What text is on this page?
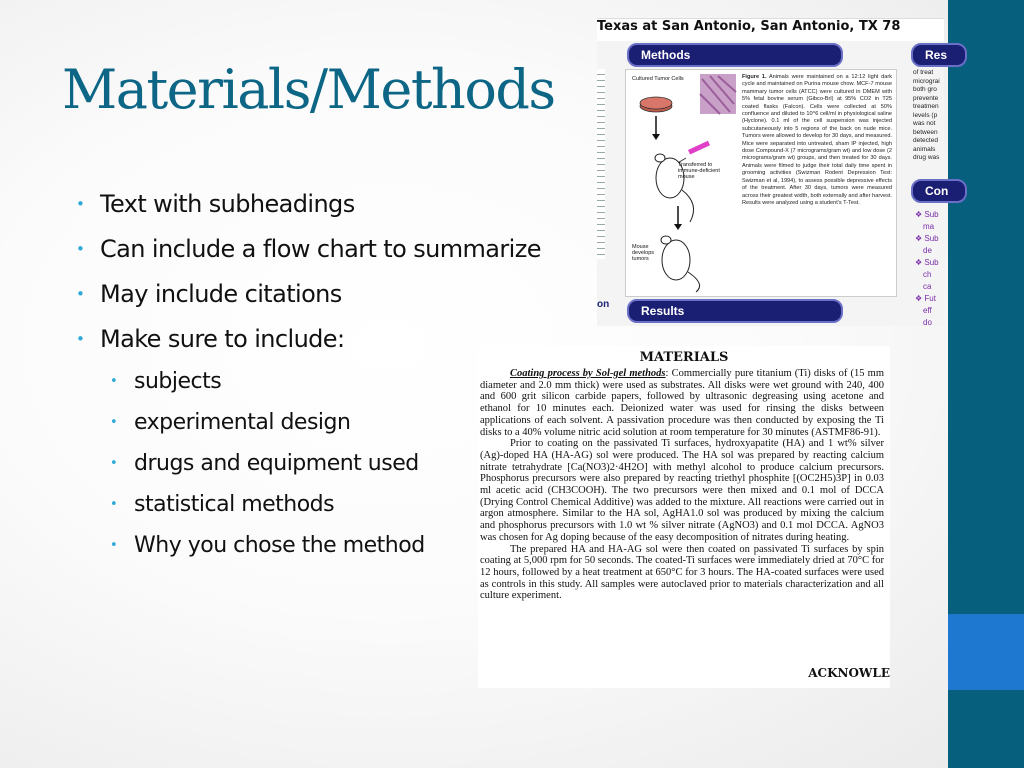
Materials/Methods
• Text with subheadings
• Can include a flow chart to summarize
• May include citations
• Make sure to include:
• subjects
• experimental design
• drugs and equipment used
• statistical methods
• Why you chose the method
Texas at San Antonio, San Antonio, TX 78
Methods	Res
Con
on
Cultured Tumor Cells
Transferred to immune-deficient mouse
Mouse develops tumors
Figure 1. Animals were maintained on a 12:12 light dark cycle and maintained on Purina mouse chow. MCF-7 mouse mammary tumor cells (ATCC) were cultured in DMEM with 5% fetal bovine serum (Gibco-Brl) at 95% CO2 in T25 coated flasks (Falcon). Cells were collected at 50% confluence and diluted to 10^6 cell/ml in physiological saline (Hyclone). 0.1 ml of the cell suspension was injected subcutaneously into 5 regions of the back on nude mice. Tumors were allowed to develop for 30 days, and measured. Mice were separated into untreated, sham IP injected, high dose Compound-X (7 micrograms/gram wt) and low dose (2 micrograms/gram wt) groups, and then treated for 30 days. Animals were filmed to judge their total daily time spent in grooming activities (Swizman Rodent Depression Test: Swizman et al, 1994), to assess possible depressive effects of the treatment. After 30 days, tumors were measured across their greatest width, both externally and after harvest. Results were analyzed using a student's T-Test.
of treat micrograi both gro prevente treatmen levels (p was not between detected animals drug was
❖ Sub
ma
❖ Sub
de
❖ Sub
ch
ca
❖ Fut
eff
do
Results
MATERIALS

Coating process by Sol-gel methods: Commercially pure titanium (Ti) disks of (15 mm diameter and 2.0 mm thick) were used as substrates. All disks were wet ground with 240, 400 and 600 grit silicon carbide papers, followed by ultrasonic degreasing using acetone and ethanol for 10 minutes each. Deionized water was used for rinsing the disks between applications of each solvent. A passivation procedure was then conducted by exposing the Ti disks to a 40% volume nitric acid solution at room temperature for 30 minutes (ASTMF86-91).

Prior to coating on the passivated Ti surfaces, hydroxyapatite (HA) and 1 wt% silver (Ag)-doped HA (HA-AG) sol were produced. The HA sol was prepared by reacting calcium nitrate tetrahydrate [Ca(NO3)2·4H2O] with methyl alcohol to produce calcium precursors. Phosphorus precursors were also prepared by reacting triethyl phosphite [(OC2H5)3P] in 0.03 ml acetic acid (CH3COOH). The two precursors were then mixed and 0.1 mol of DCCA (Drying Control Chemical Additive) was added to the mixture. All reactions were carried out in argon atmosphere. Similar to the HA sol, AgHA1.0 sol was produced by mixing the calcium and phosphorus precursors with 1.0 wt % silver nitrate (AgNO3) and 0.1 mol DCCA. AgNO3 was chosen for Ag doping because of the easy decomposition of nitrates during heating.

The prepared HA and HA-AG sol were then coated on passivated Ti surfaces by spin coating at 5,000 rpm for 50 seconds. The coated-Ti surfaces were immediately dried at 70°C for 12 hours, followed by a heat treatment at 650°C for 3 hours. The HA-coated surfaces were used as controls in this study. All samples were autoclaved prior to materials characterization and all culture experiment.

ACKNOWLE
